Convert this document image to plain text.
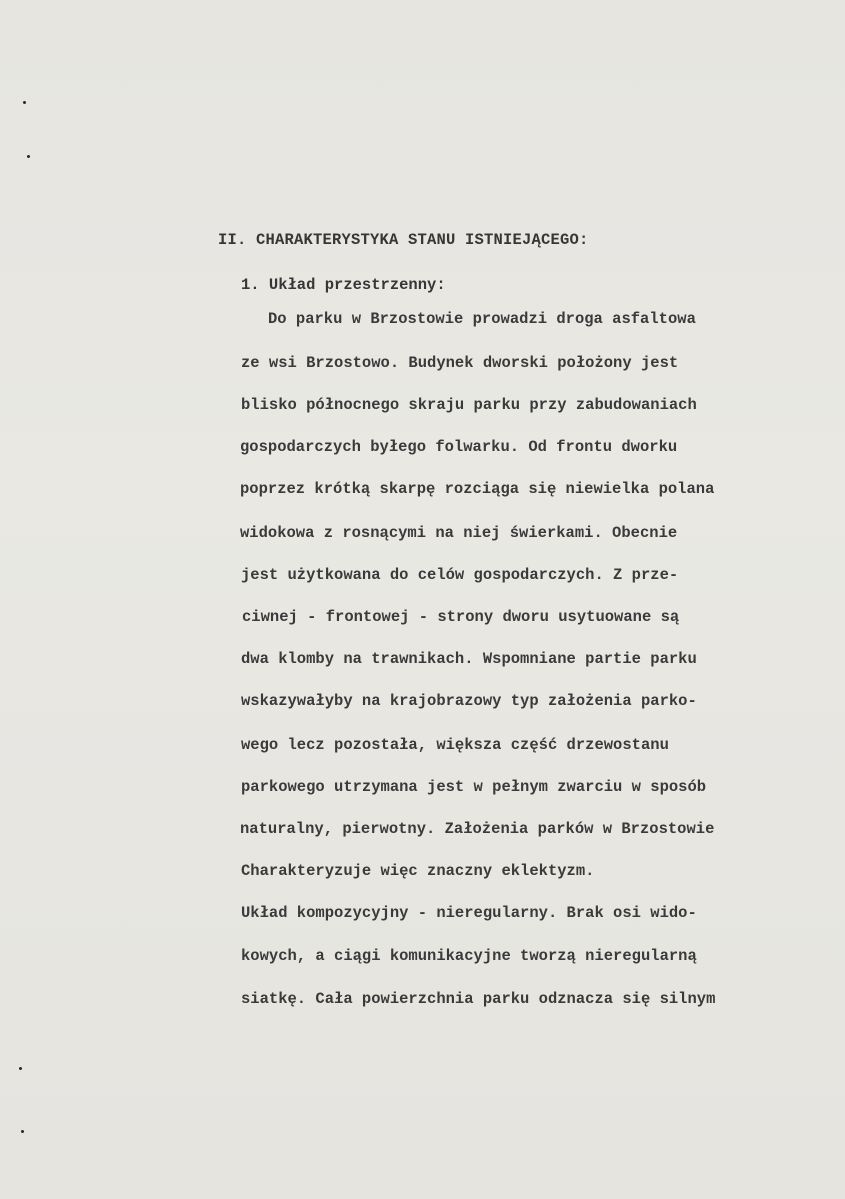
II. CHARAKTERYSTYKA STANU ISTNIEJĄCEGO:
1. Układ przestrzenny:
Do parku w Brzostowie prowadzi droga asfaltowa
ze wsi Brzostowo. Budynek dworski położony jest
blisko północnego skraju parku przy zabudowaniach
gospodarczych byłego folwarku. Od frontu dworku
poprzez krótką skarpę rozciąga się niewielka polana
widokowa z rosnącymi na niej świerkami. Obecnie
jest użytkowana do celów gospodarczych. Z prze-
ciwnej - frontowej - strony dworu usytuowane są
dwa klomby na trawnikach. Wspomniane partie parku
wskazywałyby na krajobrazowy typ założenia parko-
wego lecz pozostała, większa część drzewostanu
parkowego utrzymana jest w pełnym zwarciu w sposób
naturalny, pierwotny. Założenia parków w Brzostowie
Charakteryzuje więc znaczny eklektyzm.
Układ kompozycyjny - nieregularny. Brak osi wido-
kowych, a ciągi komunikacyjne tworzą nieregularną
siatkę. Cała powierzchnia parku odznacza się silnym
